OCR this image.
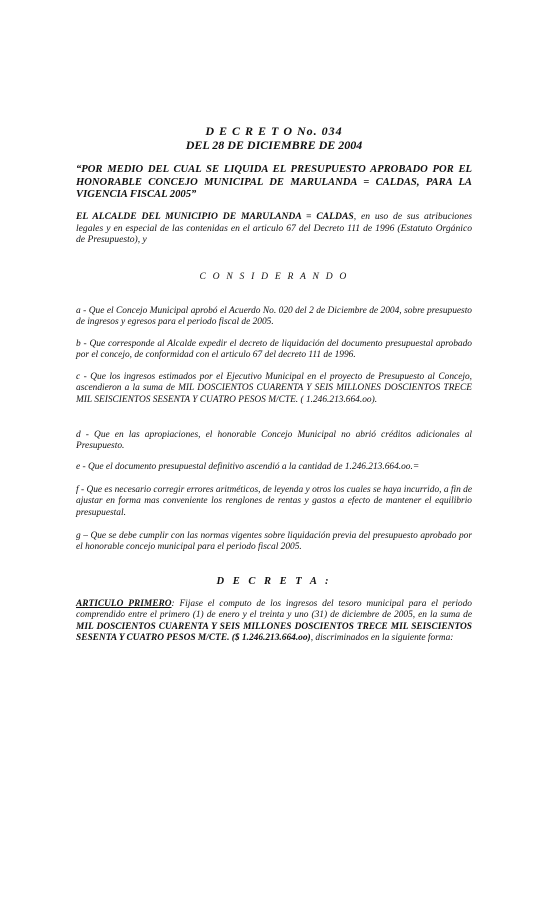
D E C R E T O No. 034
DEL 28 DE DICIEMBRE DE 2004
“POR MEDIO DEL CUAL SE LIQUIDA EL PRESUPUESTO APROBADO POR EL HONORABLE CONCEJO MUNICIPAL DE MARULANDA = CALDAS, PARA LA VIGENCIA FISCAL 2005”
EL ALCALDE DEL MUNICIPIO DE MARULANDA = CALDAS, en uso de sus atribuciones legales y en especial de las contenidas en el articulo 67 del Decreto 111 de 1996 (Estatuto Orgánico de Presupuesto), y
C O N S I D E R A N D O
a - Que el Concejo Municipal aprobó el Acuerdo No. 020 del 2 de Diciembre de 2004, sobre presupuesto de ingresos y egresos para el periodo fiscal de 2005.
b - Que corresponde al Alcalde expedir el decreto de liquidación del documento presupuestal aprobado por el concejo, de conformidad con el articulo 67 del decreto 111 de 1996.
c - Que los ingresos estimados por el Ejecutivo Municipal en el proyecto de Presupuesto al Concejo, ascendieron a la suma de MIL DOSCIENTOS CUARENTA Y SEIS MILLONES DOSCIENTOS TRECE MIL SEISCIENTOS SESENTA Y CUATRO PESOS M/CTE. ( 1.246.213.664.oo).
d - Que en las apropiaciones, el honorable Concejo Municipal no abrió créditos adicionales al Presupuesto.
e - Que el documento presupuestal definitivo ascendió a la cantidad de 1.246.213.664.oo.=
f - Que es necesario corregir errores aritméticos, de leyenda y otros los cuales se haya incurrido, a fin de ajustar en forma mas conveniente los renglones de rentas y gastos a efecto de mantener el equilibrio presupuestal.
g – Que se debe cumplir con las normas vigentes sobre liquidación previa del presupuesto aprobado por el honorable concejo municipal para el periodo fiscal 2005.
D E C R E T A :
ARTICULO PRIMERO: Fijase el computo de los ingresos del tesoro municipal para el periodo comprendido entre el primero (1) de enero y el treinta y uno (31) de diciembre de 2005, en la suma de MIL DOSCIENTOS CUARENTA Y SEIS MILLONES DOSCIENTOS TRECE MIL SEISCIENTOS SESENTA Y CUATRO PESOS M/CTE. ($ 1.246.213.664.oo), discriminados en la siguiente forma:
